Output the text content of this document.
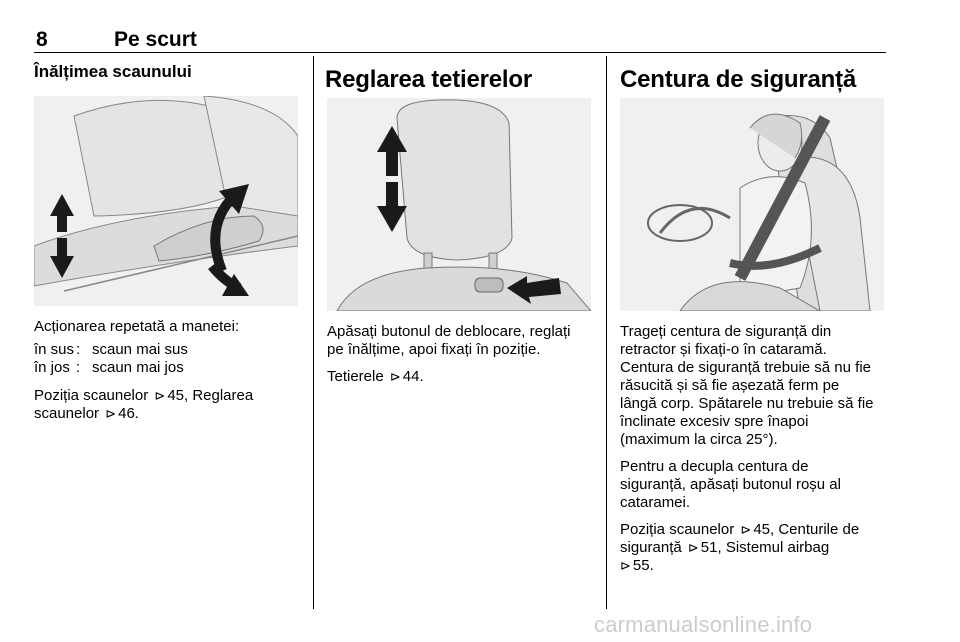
8	Pe scurt
Înălțimea scaunului

Acționarea repetată a manetei:

în sus : scaun mai sus
în jos : scaun mai jos
Poziția scaunelor ⊳ 45, Reglarea
scaunelor ⊳ 46.
Reglarea tetierelor

Apăsați butonul de deblocare, reglați
pe înălțime, apoi fixați în poziție.

Tetierele ⊳ 44.
Centura de siguranță

Trageți centura de siguranță din
retractor și fixați-o în cataramă.
Centura de siguranță trebuie să nu fie
răsucită și să fie așezată ferm pe
lângă corp. Spătarele nu trebuie să fie
înclinate excesiv spre înapoi
(maximum la circa 25°).

Pentru a decupla centura de
siguranță, apăsați butonul roșu al
cataramei.

Poziția scaunelor ⊳ 45, Centurile de
siguranță ⊳ 51, Sistemul airbag
⊳ 55.
carmanualsonline.info
